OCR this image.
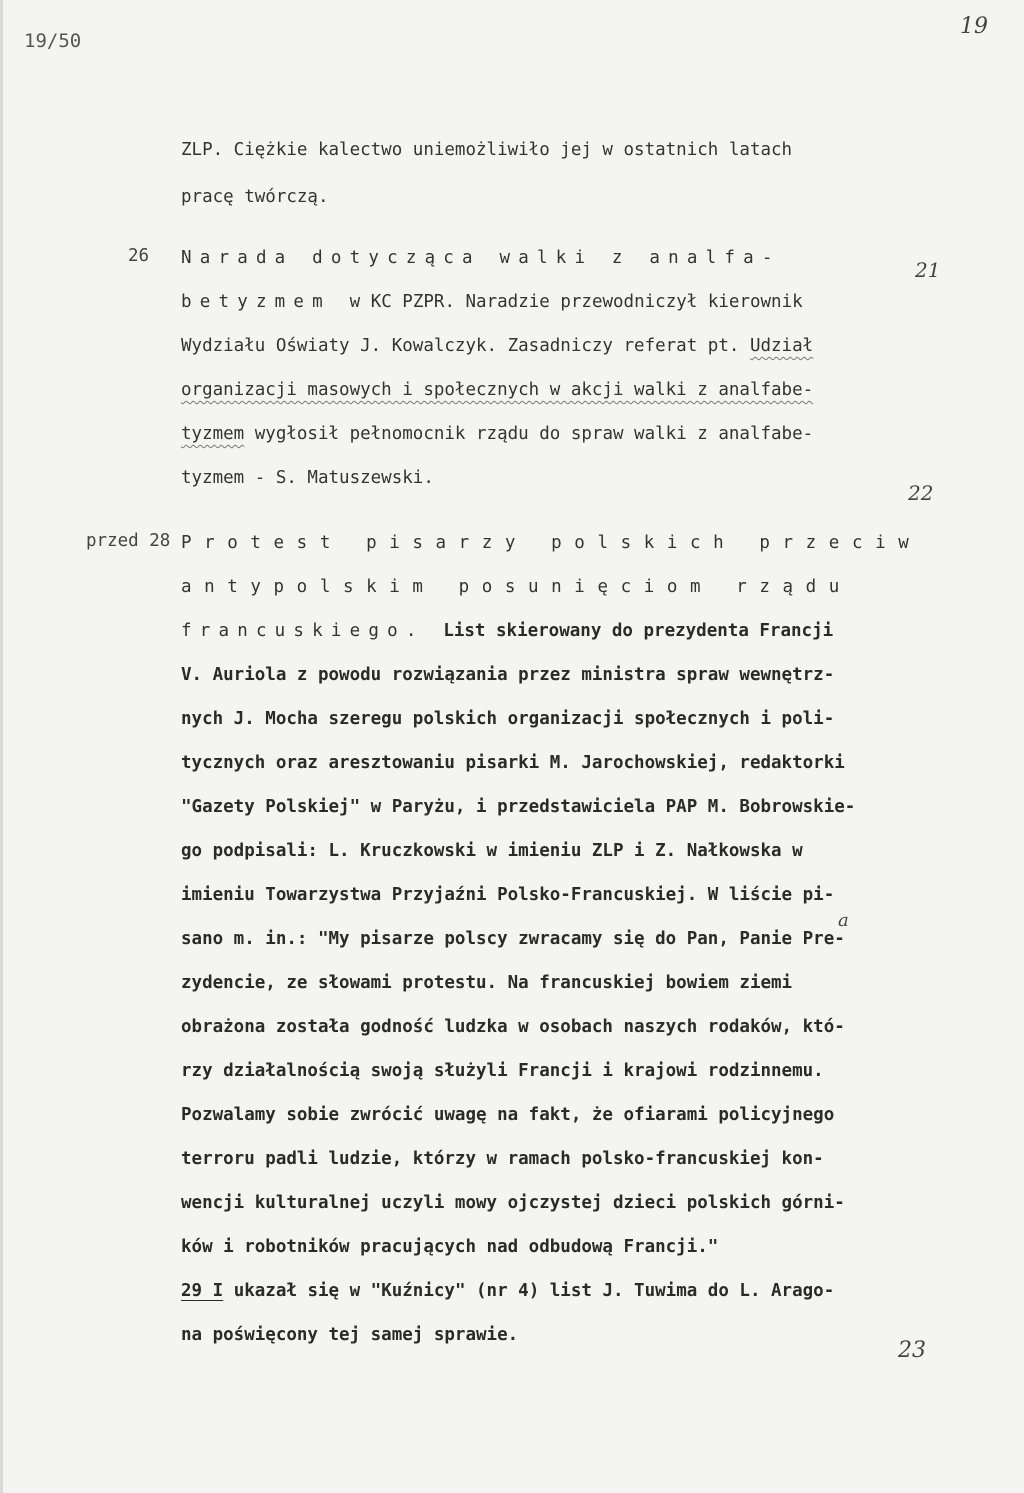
19/50
19
ZLP. Ciężkie kalectwo uniemożliwiło jej w ostatnich latach
pracę twórczą.
21
26 Narada dotycząca walki z analfa-
betyzmem w KC PZPR. Naradzie przewodniczył kierownik
Wydziału Oświaty J. Kowalczyk. Zasadniczy referat pt. Udział
organizacji masowych i społecznych w akcji walki z analfabe-
tyzmem wygłosił pełnomocnik rządu do spraw walki z analfabe-
tyzmem - S. Matuszewski.
22
przed 28 Protest pisarzy polskich przeciw
antypolskim posunięciom rządu
francuskiego. List skierowany do prezydenta Francji
V. Auriola z powodu rozwiązania przez ministra spraw wewnętrz-
nych J. Mocha szeregu polskich organizacji społecznych i poli-
tycznych oraz aresztowaniu pisarki M. Jarochowskiej, redaktorki
"Gazety Polskiej" w Paryżu, i przedstawiciela PAP M. Bobrowskie-
go podpisali: L. Kruczkowski w imieniu ZLP i Z. Nałkowska w
imieniu Towarzystwa Przyjaźni Polsko-Francuskiej. W liście pi-
sano m. in.: "My pisarze polscy zwracamy się do Pan, Panie Pre-
a
zydencie, ze słowami protestu. Na francuskiej bowiem ziemi
obrażona została godność ludzka w osobach naszych rodaków, któ-
rzy działalnością swoją służyli Francji i krajowi rodzinnemu.
Pozwalamy sobie zwrócić uwagę na fakt, że ofiarami policyjnego
terroru padli ludzie, którzy w ramach polsko-francuskiej kon-
wencji kulturalnej uczyli mowy ojczystej dzieci polskich górni-
ków i robotników pracujących nad odbudową Francji."
29 I ukazał się w "Kuźnicy" (nr 4) list J. Tuwima do L. Arago-
na poświęcony tej samej sprawie.
23
